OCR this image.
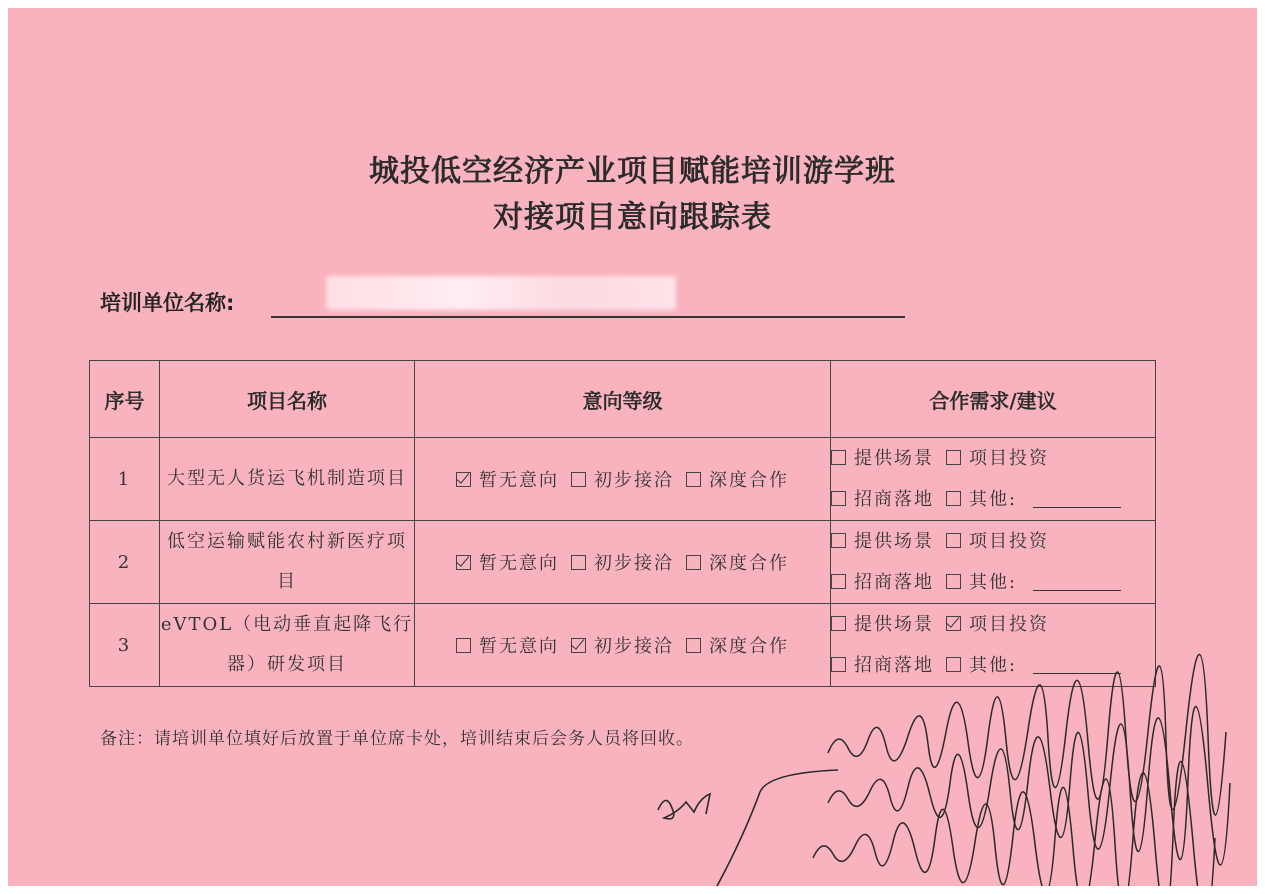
城投低空经济产业项目赋能培训游学班
对接项目意向跟踪表
培训单位名称:
序号	项目名称	意向等级	合作需求/建议
1	大型无人货运飞机制造项目	暂无意向 初步接洽 深度合作	提供场景 项目投资
招商落地 其他:
2	低空运输赋能农村新医疗项目	暂无意向 初步接洽 深度合作	提供场景 项目投资
招商落地 其他:
3	eVTOL（电动垂直起降飞行器）研发项目	暂无意向 初步接洽 深度合作	提供场景 项目投资
招商落地 其他:
备注：请培训单位填好后放置于单位席卡处，培训结束后会务人员将回收。
